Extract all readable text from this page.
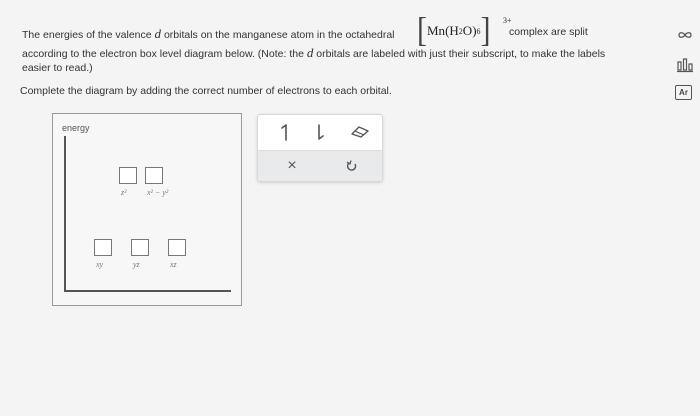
The energies of the valence d orbitals on the manganese atom in the octahedral [ Mn ( H 2 O ) 6 ] 3+
complex are split
according to the electron box level diagram below. (Note: the d orbitals are labeled with just their subscript, to make the labels easier to read.)
Complete the diagram by adding the correct number of electrons to each orbital.
energy
z²	x² − y²
xy	yz	xz
×
Ar
